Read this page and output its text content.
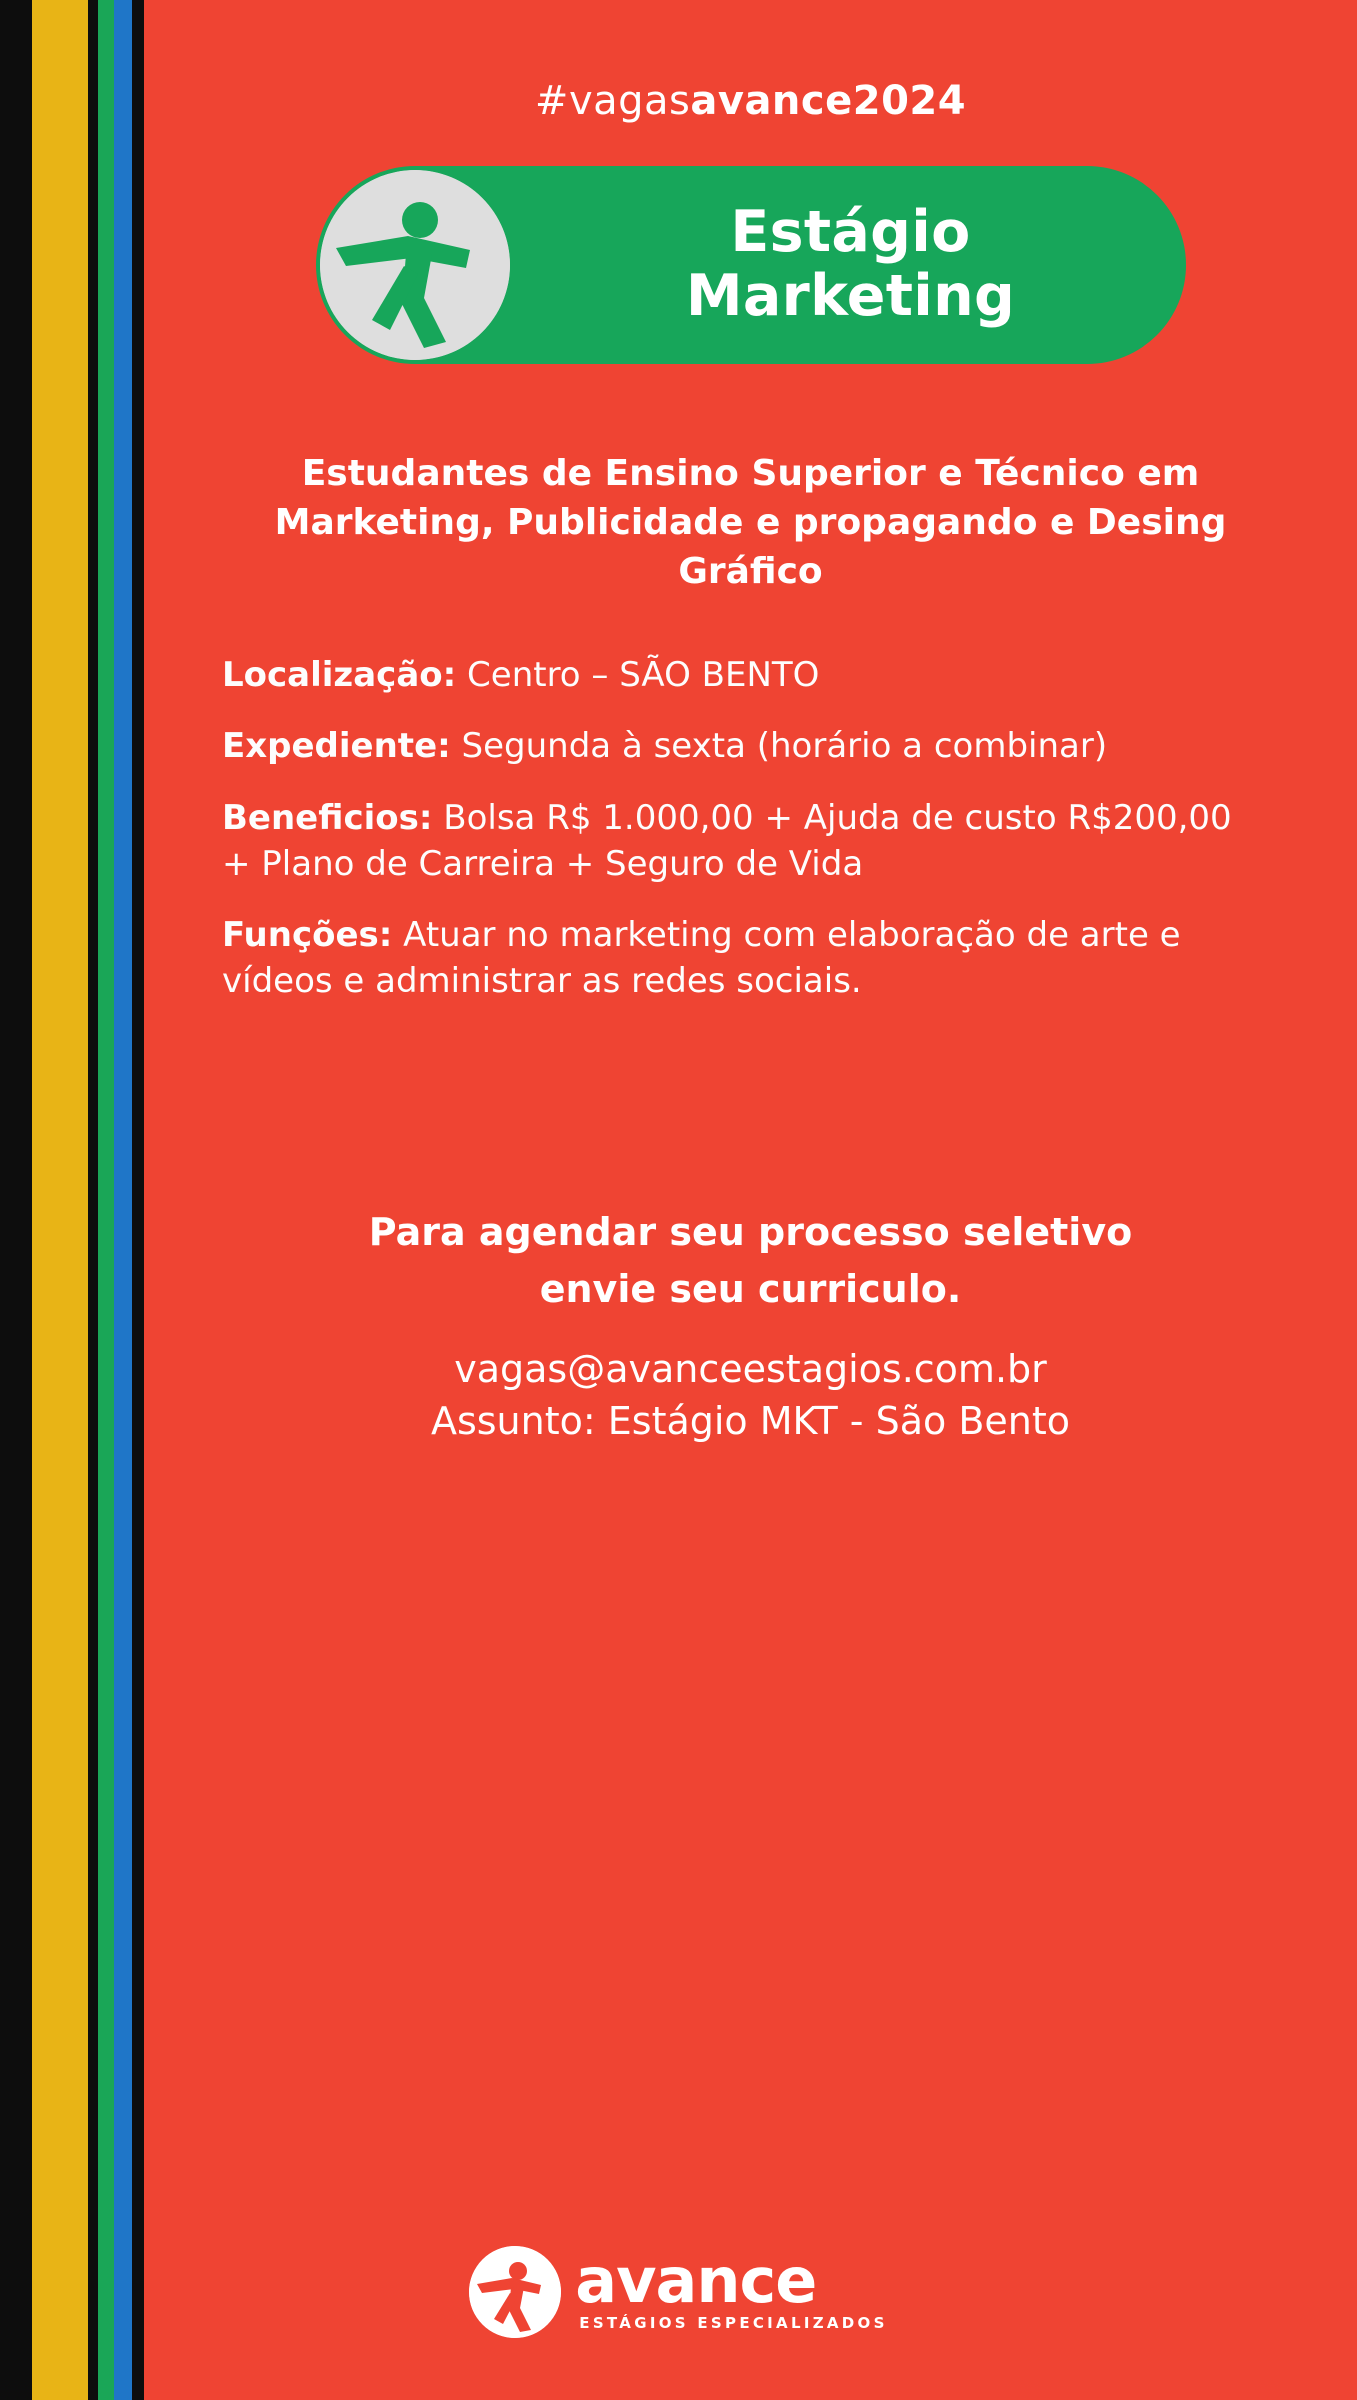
#vagasavance2024
Estágio
Marketing
Estudantes de Ensino Superior e Técnico em Marketing, Publicidade e propagando e Desing Gráfico
Localização: Centro – SÃO BENTO
Expediente: Segunda à sexta (horário a combinar)
Beneficios: Bolsa R$ 1.000,00 + Ajuda de custo R$200,00 + Plano de Carreira + Seguro de Vida
Funções: Atuar no marketing com elaboração de arte e vídeos e administrar as redes sociais.
Para agendar seu processo seletivo
envie seu curriculo.
vagas@avanceestagios.com.br
Assunto: Estágio MKT - São Bento
avance
ESTÁGIOS ESPECIALIZADOS
